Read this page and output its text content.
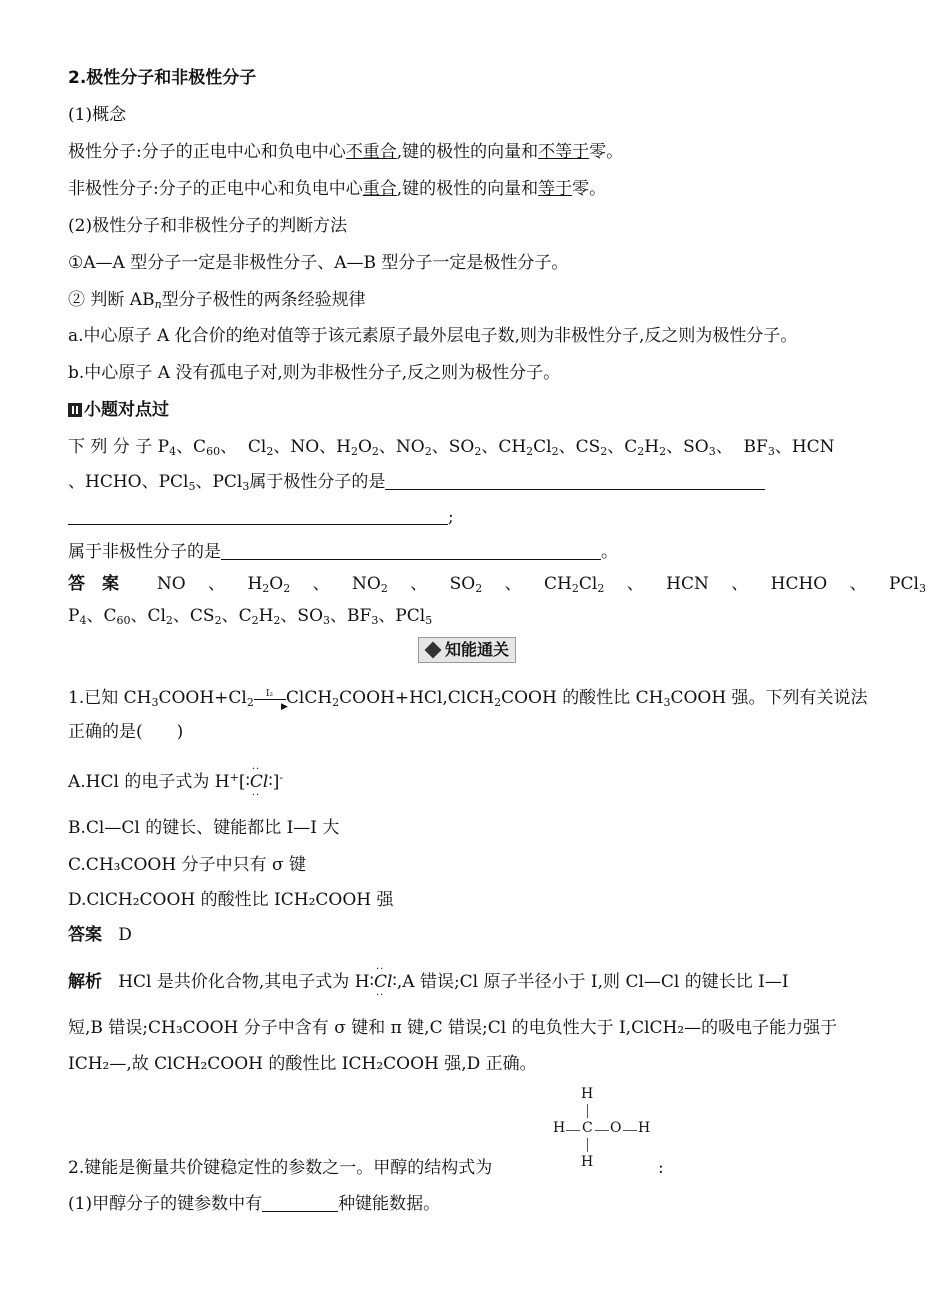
2.极性分子和非极性分子
(1)概念
极性分子:分子的正电中心和负电中心不重合,键的极性的向量和不等于零。
非极性分子:分子的正电中心和负电中心重合,键的极性的向量和等于零。
(2)极性分子和非极性分子的判断方法
①A—A 型分子一定是非极性分子、A—B 型分子一定是极性分子。
② 判断 $AB_n$型分子极性的两条经验规律
a.中心原子 A 化合价的绝对值等于该元素原子最外层电子数,则为非极性分子,反之则为极性分子。
b.中心原子 A 没有孤电子对,则为非极性分子,反之则为极性分子。
小题对点过
下 列 分 子 $P_4$、$C_{60}$、  $Cl_2$、NO、$H_2O_2$、$NO_2$、$SO_2$、$CH_2Cl_2$、$CS_2$、$C_2H_2$、$SO_3$、  $BF_3$、HCN
、HCHO、PCl$_5$、PCl$_3$属于极性分子的是
;
属于非极性分子的是	。
答　案       NO　 、 　$H_2O_2$　 、 　$NO_2$　 、 　$SO_2$　 、 　$CH_2Cl_2$　 、 　HCN　 、 　HCHO　 、 　PCl$_3$
$P_4$、$C_{60}$、$Cl_2$、$CS_2$、$C_2H_2$、$SO_3$、$BF_3$、PCl$_5$
知能通关
1.已知 $CH_3COOH+Cl_2$	▶
I₂ ClCH$_2$COOH+HCl,ClCH$_2$COOH 的酸性比 $CH_3COOH$ 强。下列有关说法
正确的是(　　)
A.HCl 的电子式为 H+[∶·· Cl ··∶]-
B.Cl—Cl 的键长、键能都比 I—I 大
C.CH₃COOH 分子中只有 σ 键
D.ClCH₂COOH 的酸性比 ICH₂COOH 强
答案 D
解析 HCl 是共价化合物,其电子式为 H∶·· Cl ··∶,A 错误;Cl 原子半径小于 I,则 Cl—Cl 的键长比 I—I
短,B 错误;CH₃COOH 分子中含有 σ 键和 π 键,C 错误;Cl 的电负性大于 I,ClCH₂—的吸电子能力强于
ICH₂—,故 ClCH₂COOH 的酸性比 ICH₂COOH 强,D 正确。
H
H C O H
H
2.键能是衡量共价键稳定性的参数之一。甲醇的结构式为	:
(1)甲醇分子的键参数中有	种键能数据。
